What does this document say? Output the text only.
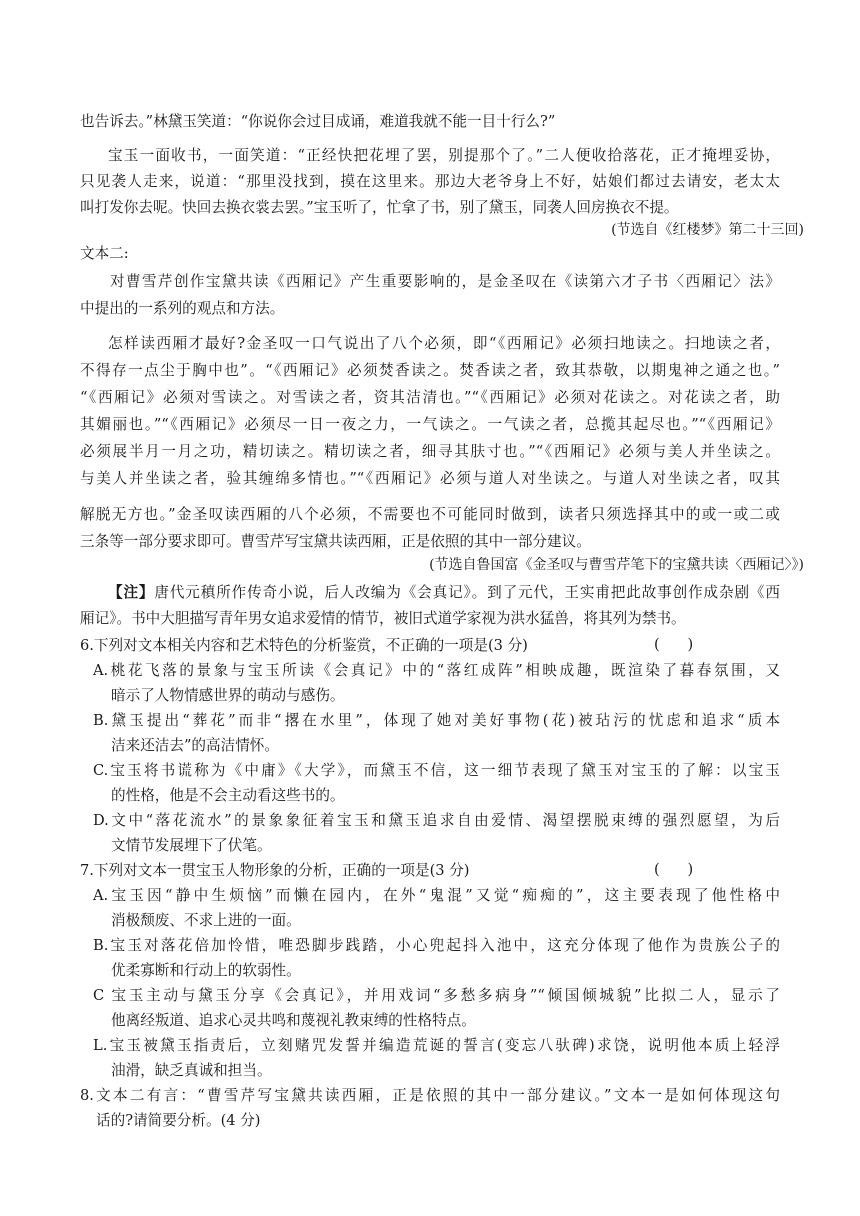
也告诉去。”林黛玉笑道：“你说你会过目成诵，难道我就不能一目十行么?”
宝玉一面收书，一面笑道：“正经快把花埋了罢，别提那个了。”二人便收拾落花，正才掩埋妥协，
只见袭人走来，说道：“那里没找到，摸在这里来。那边大老爷身上不好，姑娘们都过去请安，老太太
叫打发你去呢。快回去换衣裳去罢。”宝玉听了，忙拿了书，别了黛玉，同袭人回房换衣不提。
(节选自《红楼梦》第二十三回)
文本二:
对曹雪芹创作宝黛共读《西厢记》产生重要影响的，是金圣叹在《读第六才子书〈西厢记〉法》
中提出的一系列的观点和方法。
怎样读西厢才最好?金圣叹一口气说出了八个必须，即“《西厢记》必须扫地读之。扫地读之者，
不得存一点尘于胸中也”。“《西厢记》必须焚香读之。焚香读之者，致其恭敬，以期鬼神之通之也。”
“《西厢记》必须对雪读之。对雪读之者，资其洁清也。”“《西厢记》必须对花读之。对花读之者，助
其媚丽也。”“《西厢记》必须尽一日一夜之力，一气读之。一气读之者，总揽其起尽也。”“《西厢记》
必须展半月一月之功，精切读之。精切读之者，细寻其肤寸也。”“《西厢记》必须与美人并坐读之。
与美人并坐读之者，验其缠绵多情也。”“《西厢记》必须与道人对坐读之。与道人对坐读之者，叹其
解脱无方也。”金圣叹读西厢的八个必须，不需要也不可能同时做到，读者只须选择其中的或一或二或
三条等一部分要求即可。曹雪芹写宝黛共读西厢，正是依照的其中一部分建议。
(节选自鲁国富《金圣叹与曹雪芹笔下的宝黛共读〈西厢记〉》)
【注】唐代元稹所作传奇小说，后人改编为《会真记》。到了元代，王实甫把此故事创作成杂剧《西
厢记》。书中大胆描写青年男女追求爱情的情节，被旧式道学家视为洪水猛兽，将其列为禁书。
6.下列对文本相关内容和艺术特色的分析鉴赏，不正确的一项是(3 分)	(      )
A.桃花飞落的景象与宝玉所读《会真记》中的“落红成阵”相映成趣，既渲染了暮春氛围，又
暗示了人物情感世界的萌动与感伤。
B.黛玉提出“葬花”而非“撂在水里”，体现了她对美好事物(花)被玷污的忧虑和追求“质本
洁来还洁去”的高洁情怀。
C.宝玉将书谎称为《中庸》《大学》，而黛玉不信，这一细节表现了黛玉对宝玉的了解：以宝玉
的性格，他是不会主动看这些书的。
D.文中“落花流水”的景象象征着宝玉和黛玉追求自由爱情、渴望摆脱束缚的强烈愿望，为后
文情节发展埋下了伏笔。
7.下列对文本一贯宝玉人物形象的分析，正确的一项是(3 分)	(      )
A.宝玉因“静中生烦恼”而懒在园内，在外“鬼混”又觉“痴痴的”，这主要表现了他性格中
消极颓废、不求上进的一面。
B.宝玉对落花倍加怜惜，唯恐脚步践踏，小心兜起抖入池中，这充分体现了他作为贵族公子的
优柔寡断和行动上的软弱性。
C 宝玉主动与黛玉分享《会真记》，并用戏词“多愁多病身”“倾国倾城貌”比拟二人，显示了
他离经叛道、追求心灵共鸣和蔑视礼教束缚的性格特点。
L.宝玉被黛玉指责后，立刻赌咒发誓并编造荒诞的誓言(变忘八驮碑)求饶，说明他本质上轻浮
油滑，缺乏真诚和担当。
8.文本二有言：“曹雪芹写宝黛共读西厢，正是依照的其中一部分建议。”文本一是如何体现这句
话的?请简要分析。(4 分)
